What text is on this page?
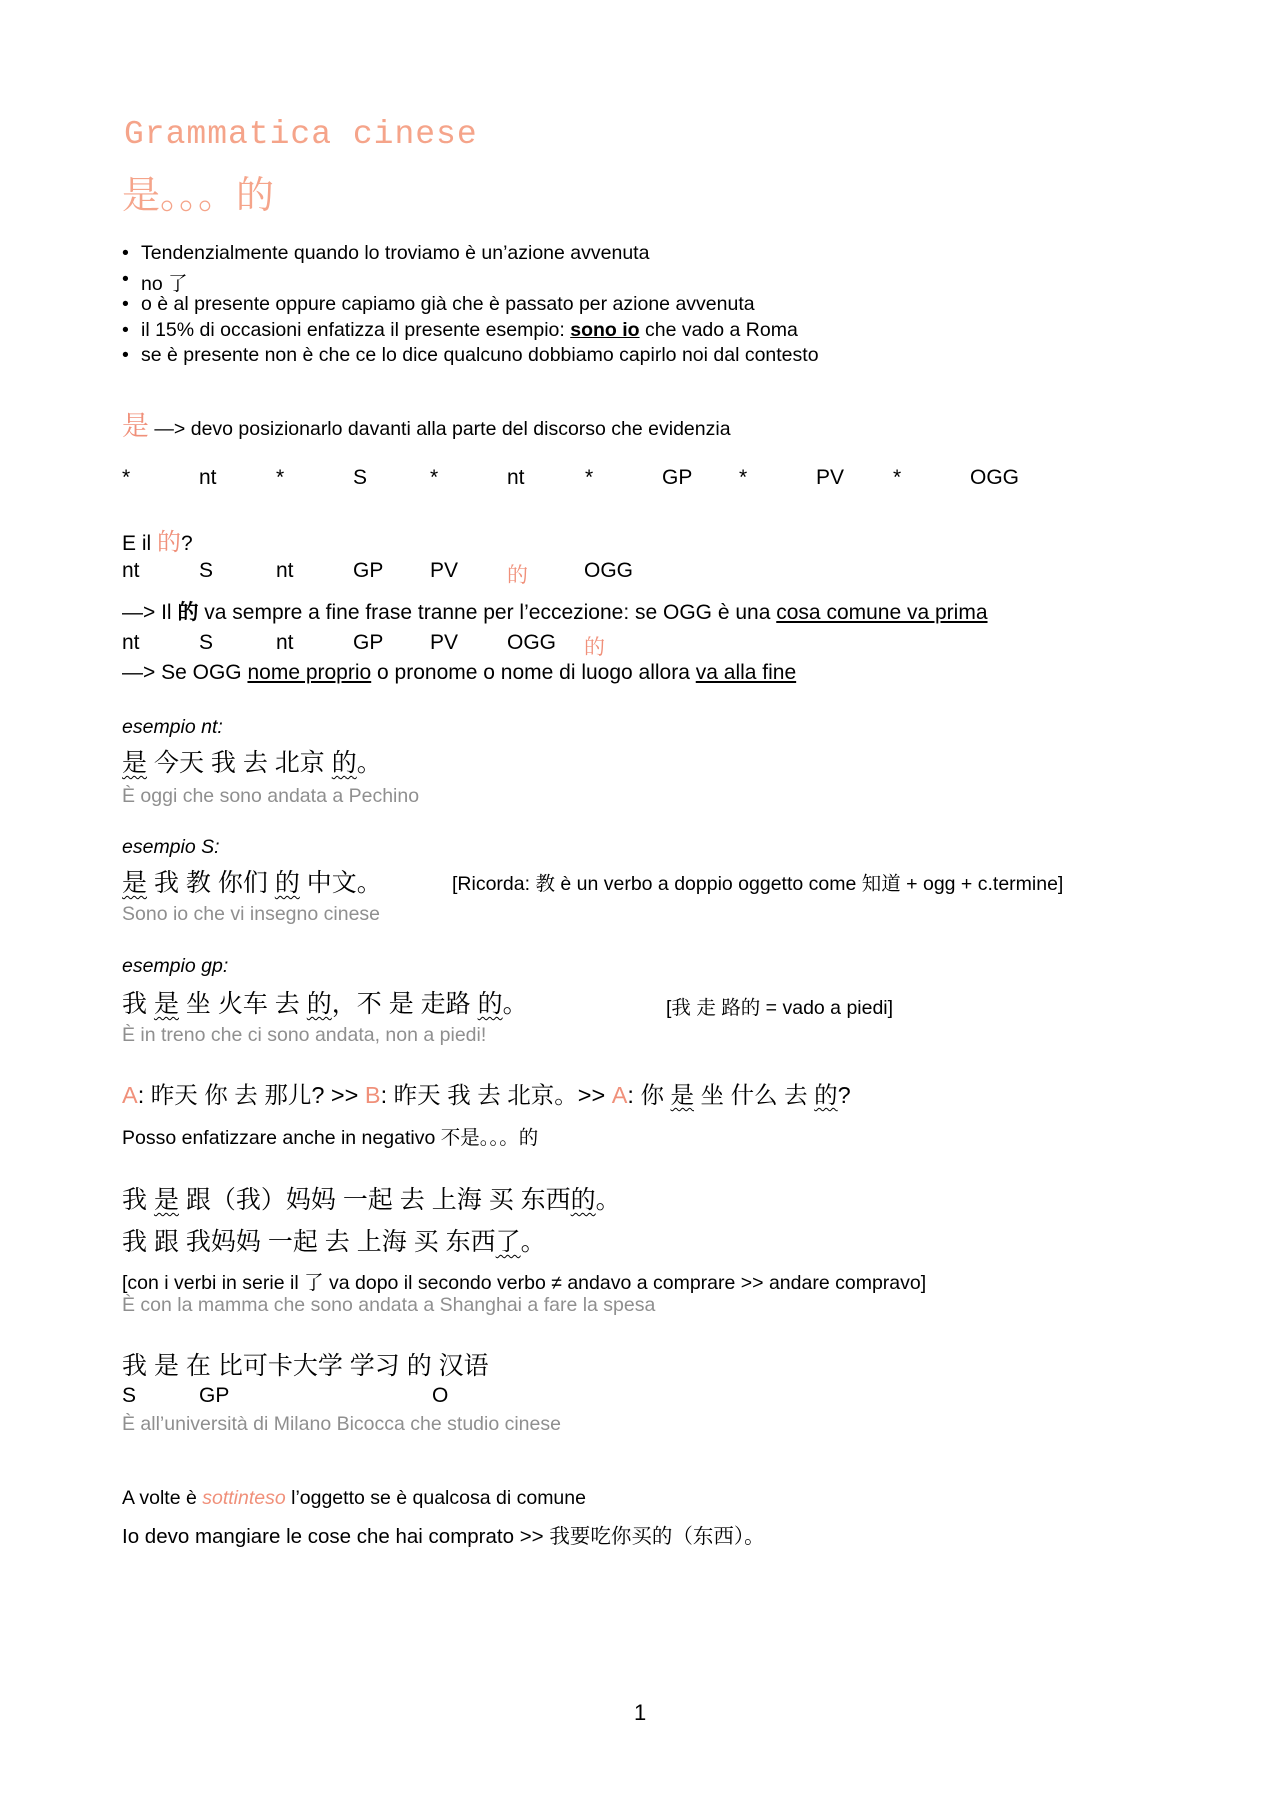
Grammatica cinese
是。。。的
• Tendenzialmente quando lo troviamo è un’azione avvenuta
• no 了
• o è al presente oppure capiamo già che è passato per azione avvenuta
• il 15% di occasioni enfatizza il presente esempio: sono io che vado a Roma
• se è presente non è che ce lo dice qualcuno dobbiamo capirlo noi dal contesto
是 —> devo posizionarlo davanti alla parte del discorso che evidenzia
*	nt	*	S	*	nt	*	GP *	PV *	OGG
E il 的?
nt	S	nt	GP PV 的	OGG
—> Il 的 va sempre a fine frase tranne per l’eccezione: se OGG è una cosa comune va prima
nt	S	nt	GP PV OGG 的
—> Se OGG nome proprio o pronome o nome di luogo allora va alla fine
esempio nt:
是 今天 我 去 北京 的。
È oggi che sono andata a Pechino
esempio S:
是 我 教 你们 的 中文。	[Ricorda: 教 è un verbo a doppio oggetto come 知道 + ogg + c.termine]
Sono io che vi insegno cinese
esempio gp:
我 是 坐 火车 去 的，不 是 走路 的。	[我 走 路的 = vado a piedi]
È in treno che ci sono andata, non a piedi!
A: 昨天 你 去 那儿? >> B: 昨天 我 去 北京。>> A: 你 是 坐 什么 去 的?
Posso enfatizzare anche in negativo 不是。。。的
我 是 跟（我）妈妈 一起 去 上海 买 东西的。
我 跟 我妈妈 一起 去 上海 买 东西了。
[con i verbi in serie il 了 va dopo il secondo verbo ≠ andavo a comprare >> andare compravo]
È con la mamma che sono andata a Shanghai a fare la spesa
我 是 在 比可卡大学 学习 的 汉语
S	GP	O
È all’università di Milano Bicocca che studio cinese
A volte è sottinteso l’oggetto se è qualcosa di comune
Io devo mangiare le cose che hai comprato >> 我要吃你买的（东西）。
1
